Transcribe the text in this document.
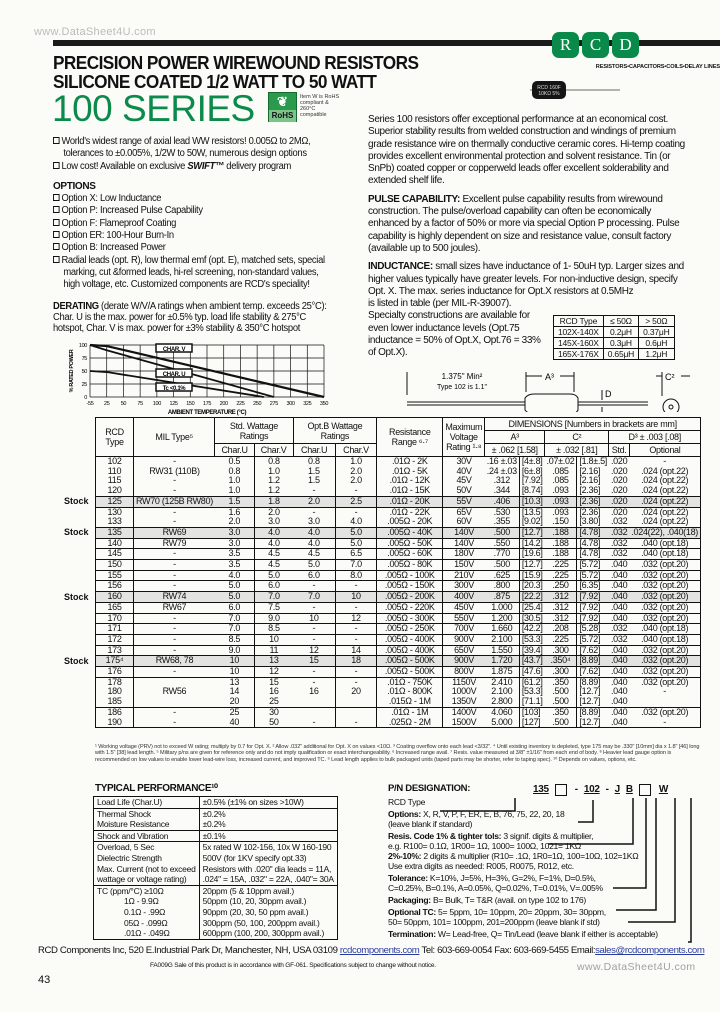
www.DataSheet4U.com
PRECISION POWER WIREWOUND RESISTORS
SILICONE COATED 1/2 WATT TO 50 WATT
100 SERIES	❦
RoHS
Item W is RoHS compliant & 260°C compatible
R	C	D
RESISTORS•CAPACITORS•COILS•DELAY LINES
RCD 160F
10KΩ 5%
World's widest range of axial lead WW resistors! 0.005Ω to 2MΩ,
tolerances to ±0.005%, 1/2W to 50W, numerous design options
Low cost! Available on exclusive SWIFT™ delivery program
OPTIONS
Option X: Low Inductance
Option P: Increased Pulse Capability
Option F: Flameproof Coating
Option ER: 100-Hour Burn-In
Option B: Increased Power
Radial leads (opt. R), low thermal emf (opt. E), matched sets, special
marking, cut &formed leads, hi-rel screening, non-standard values,
high voltage, etc. Customized components are RCD's speciality!
DERATING (derate W/V/A ratings when ambient temp. exceeds 25°C):
Char. U is the max. power for ±0.5% typ. load life stability & 275°C
hotspot, Char. V is max. power for ±3% stability & 350°C hotspot
-55 25 50 75 100 125 150 175 200 225 250 275 300 325 350
0
25
50
75
100
CHAR. V
CHAR. U
Tc <0.1%
AMBIENT TEMPERATURE (°C)
% RATED POWER
Series 100 resistors offer exceptional performance at an economical cost. Superior stability results from welded construction and windings of premium grade resistance wire on thermally conductive ceramic cores. Hi-temp coating provides excellent environmental protection and solvent resistance. Tin (or SnPb) coated copper or copperweld leads offer excellent solderability and extended shelf life.
PULSE CAPABILITY: Excellent pulse capability results from wirewound construction. The pulse/overload capability can often be economically enhanced by a factor of 50% or more via special Option P processing. Pulse capability is highly dependent on size and resistance value, consult factory (available up to 500 joules).
INDUCTANCE: small sizes have inductance of 1- 50uH typ. Larger sizes and higher values typically have greater levels. For non-inductive design, specify Opt. X. The max. series inductance for Opt.X resistors at 0.5MHz
is listed in table (per MIL-R-39007). Specialty constructions are available for even lower inductance levels (Opt.75 inductance = 50% of Opt.X, Opt.76 = 33% of Opt.X).
RCD Type	≤ 50Ω	> 50Ω
102X-140X	0.2μH	0.37μH
145X-160X	0.3μH	0.6μH
165X-176X	0.65μH	1.2μH
1.375" Min²
Type 102 is 1.1"
A³
D
C²
RCD Type	MIL Type⁵	Std. Wattage Ratings		Opt.B Wattage Ratings		Resistance Range ⁶·⁷	Maximum Voltage Rating ¹·⁸	DIMENSIONS [Numbers in brackets are mm]					
								A³		C²		D³ ± .003 [.08]	
		Char.U	Char.V	Char.U	Char.V			± .062 [1.58]		± .032 [.81]		Std.	Optional
102	-	0.5	0.8	0.8	1.0	.01Ω - 2K	30V	.16 ±.03	[4±.8]	.07±.02	[1.8±.5]	.020	-
110	RW31 (110B)	0.8	1.0	1.5	2.0	.01Ω - 5K	40V	.24 ±.03	[6±.8]	.085	[2.16]	.020	.024 (opt.22)
115	-	1.0	1.2	1.5	2.0	.01Ω - 12K	45V	.312	[7.92]	.085	[2.16]	.020	.024 (opt.22)
120	-	1.0	1.2	-	-	.01Ω - 15K	50V	.344	[8.74]	.093	[2.36]	.020	.024 (opt.22)
125	RW70 (125B RW80)	1.5	1.8	2.0	2.5	.01Ω - 20K	55V	.406	[10.3]	.093	[2.36]	.020	.024 (opt.22)
130	-	1.6	2.0	-	-	.01Ω - 22K	65V	.530	[13.5]	.093	[2.36]	.020	.024 (opt.22)
133	-	2.0	3.0	3.0	4.0	.005Ω - 20K	60V	.355	[9.02]	.150	[3.80]	.032	.024 (opt.22)
135	RW69	3.0	4.0	4.0	5.0	.005Ω - 40K	140V	.500	[12.7]	.188	[4.78]	.032	.024(22), .040(18)
140	RW79	3.0	4.0	4.0	5.0	.005Ω - 50K	140V	.550	[14.2]	.188	[4.78]	.032	.040 (opt.18)
145	-	3.5	4.5	4.5	6.5	.005Ω - 60K	180V	.770	[19.6]	.188	[4.78]	.032	.040 (opt.18)
150	-	3.5	4.5	5.0	7.0	.005Ω - 80K	150V	.500	[12.7]	.225	[5.72]	.040	.032 (opt.20)
155	-	4.0	5.0	6.0	8.0	.005Ω - 100K	210V	.625	[15.9]	.225	[5.72]	.040	.032 (opt.20)
156	-	5.0	6.0	-	-	.005Ω - 150K	300V	.800	[20.3]	.250	[6.35]	.040	.032 (opt.20)
160	RW74	5.0	7.0	7.0	10	.005Ω - 200K	400V	.875	[22.2]	.312	[7.92]	.040	.032 (opt.20)
165	RW67	6.0	7.5	-	-	.005Ω - 220K	450V	1.000	[25.4]	.312	[7.92]	.040	.032 (opt.20)
170	-	7.0	9.0	10	12	.005Ω - 300K	550V	1.200	[30.5]	.312	[7.92]	.040	.032 (opt.20)
171	-	7.0	8.5	-	-	.005Ω - 250K	700V	1.660	[42.2]	.208	[5.28]	.032	.040 (opt.18)
172	-	8.5	10	-	-	.005Ω - 400K	900V	2.100	[53.3]	.225	[5.72]	.032	.040 (opt.18)
173	-	9.0	11	12	14	.005Ω - 400K	650V	1.550	[39.4]	.300	[7.62]	.040	.032 (opt.20)
175⁴	RW68, 78	10	13	15	18	.005Ω - 500K	900V	1.720	[43.7]	.350⁴	[8.89]	.040	.032 (opt.20)
176	-	10	12	-	-	.005Ω - 500K	800V	1.875	[47.6]	.300	[7.62]	.040	.032 (opt.20)
178		13	15	-	-	.01Ω - 750K	1150V	2.410	[61.2]	.350	[8.89]	.040	.032 (opt.20)
180	RW56	14	16	16	20	.01Ω - 800K	1000V	2.100	[53.3]	.500	[12.7]	.040	-
185		20	25			.015Ω - 1M	1350V	2.800	[71.1]	.500	[12.7]	.040	
186	-	25	30			.01Ω - 1M	1400V	4.060	[103]	.350	[8.89]	.040	.032 (opt.20)
190	-	40	50	-	-	.025Ω - 2M	1500V	5.000	[127]	.500	[12.7]	.040	-
Stock
Stock
Stock
Stock
¹ Working voltage (PRV) not to exceed W rating; multiply by 0.7 for Opt. X. ² Allow .032" additional for Opt. X on values <10Ω. ³ Coating overflow onto each lead <3/32". ⁴ Until existing inventory is depleted, type 175 may be .330" [10mm] dia x 1.8" [46] long with 1.5" [38] lead length. ⁵ Military p/ns are given for reference only and do not imply qualification or exact interchangeability. ⁶ Increased range avail. ⁷ Resis. value measured at 3/8" ±1/16" from each end of body. ⁸ Heavier lead gauge option is recommended on low values to enable lower lead-wire loss, increased current, and improved TC. ⁹ Lead length applies to bulk packaged units (taped parts may be shorter, refer to taping spec). ¹⁰ Depends on values, options, etc.
TYPICAL PERFORMANCE¹⁰
Load Life (Char.U)	±0.5% (±1% on sizes >10W)
Thermal Shock	±0.2%
Moisture Resistance	±0.2%
Shock and Vibration	±0.1%
Overload, 5 Sec	5x rated W 102-156, 10x W 160-190
Dielectric Strength	500V (for 1KV specify opt.33)
Max. Current (not to exceed	Resistors with .020" dia leads = 11A,
wattage or voltage rating)	.024" = 15A, .032" = 22A, .040"= 30A
TC (ppm/°C) ≥10Ω	20ppm (5 & 10ppm avail.)
1Ω - 9.9Ω	50ppm (10, 20, 30ppm avail.)
0.1Ω - .99Ω	90ppm (20, 30, 50 ppm avail.)
05Ω - .099Ω	300ppm (50, 100, 200ppm avail.)
.01Ω - .049Ω	600ppm (100, 200, 300ppm avail.)
P/N DESIGNATION:	135	- 102 - J B	W
RCD Type
Options: X, R, V, P, F, ER, E, B, 76, 75, 22, 20, 18
(leave blank if standard)
Resis. Code 1% & tighter tols: 3 signif. digits & multiplier,
e.g. R100= 0.1Ω, 1R00= 1Ω, 1000= 100Ω, 1021= 1KΩ
2%-10%: 2 digits & multiplier (R10= .1Ω, 1R0=1Ω, 100=10Ω, 102=1KΩ
Use extra digits as needed: R005, R0075, R012, etc.
Tolerance: K=10%, J=5%, H=3%, G=2%, F=1%, D=0.5%,
C=0.25%, B=0.1%, A=0.05%, Q=0.02%, T=0.01%, V=.005%
Packaging: B= Bulk, T= T&R (avail. on type 102 to 176)
Optional TC: 5= 5ppm, 10= 10ppm, 20= 20ppm, 30= 30ppm,
50= 50ppm, 101= 100ppm, 201=200ppm (leave blank if std)
Termination: W= Lead-free, Q= Tin/Lead (leave blank if either is acceptable)
RCD Components Inc, 520 E.Industrial Park Dr, Manchester, NH, USA 03109 rcdcomponents.com Tel: 603-669-0054 Fax: 603-669-5455 Email:sales@rcdcomponents.com
FA009G Sale of this product is in accordance with GF-061. Specifications subject to change without notice.	www.DataSheet4U.com
43
